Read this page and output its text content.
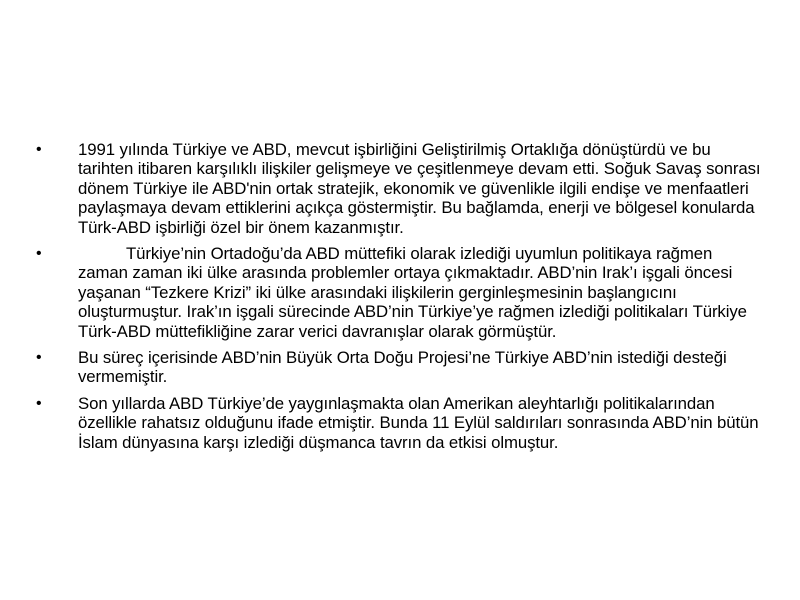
•	1991 yılında Türkiye ve ABD, mevcut işbirliğini Geliştirilmiş Ortaklığa dönüştürdü ve bu tarihten itibaren karşılıklı ilişkiler gelişmeye ve çeşitlenmeye devam etti. Soğuk Savaş sonrası dönem Türkiye ile ABD'nin ortak stratejik, ekonomik ve güvenlikle ilgili endişe ve menfaatleri paylaşmaya devam ettiklerini açıkça göstermiştir. Bu bağlamda, enerji ve bölgesel konularda Türk-ABD işbirliği özel bir önem kazanmıştır.
•	Türkiye’nin Ortadoğu’da ABD müttefiki olarak izlediği uyumlun politikaya rağmen zaman zaman iki ülke arasında problemler ortaya çıkmaktadır. ABD’nin Irak’ı işgali öncesi yaşanan “Tezkere Krizi” iki ülke arasındaki ilişkilerin gerginleşmesinin başlangıcını oluşturmuştur. Irak’ın işgali sürecinde ABD’nin Türkiye’ye rağmen izlediği politikaları Türkiye Türk-ABD müttefikliğine zarar verici davranışlar olarak görmüştür.
•	Bu süreç içerisinde ABD’nin Büyük Orta Doğu Projesi’ne Türkiye ABD’nin istediği desteği vermemiştir.
•	Son yıllarda ABD Türkiye’de yaygınlaşmakta olan Amerikan aleyhtarlığı politikalarından özellikle rahatsız olduğunu ifade etmiştir. Bunda 11 Eylül saldırıları sonrasında ABD’nin bütün İslam dünyasına karşı izlediği düşmanca tavrın da etkisi olmuştur.
